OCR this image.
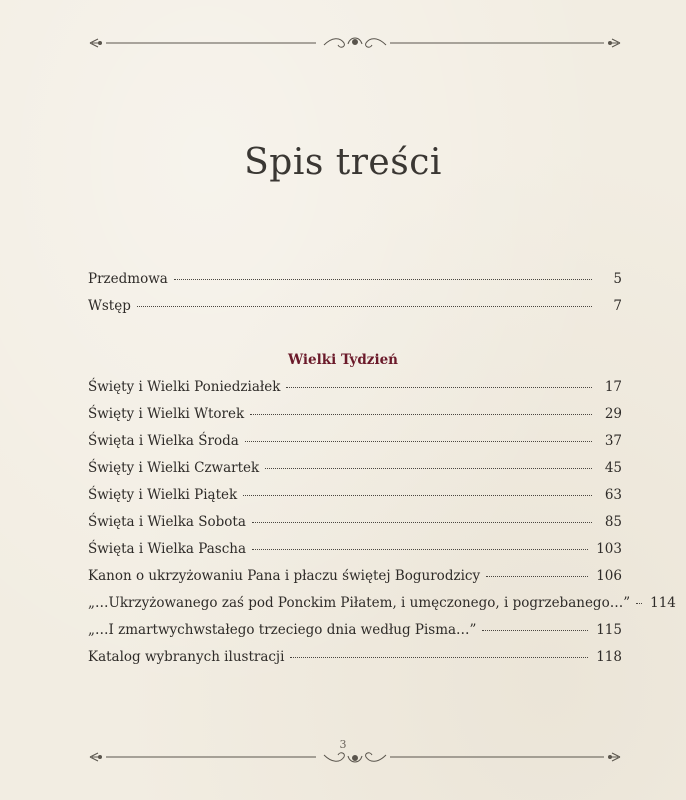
Spis treści
Przedmowa	5
Wstęp	7
Wielki Tydzień
Święty i Wielki Poniedziałek	17
Święty i Wielki Wtorek	29
Święta i Wielka Środa	37
Święty i Wielki Czwartek	45
Święty i Wielki Piątek	63
Święta i Wielka Sobota	85
Święta i Wielka Pascha	103
Kanon o ukrzyżowaniu Pana i płaczu świętej Bogurodzicy	106
„…Ukrzyżowanego zaś pod Ponckim Piłatem, i umęczonego, i pogrzebanego…” 114
„…I zmartwychwstałego trzeciego dnia według Pisma…”	115
Katalog wybranych ilustracji	118
3
